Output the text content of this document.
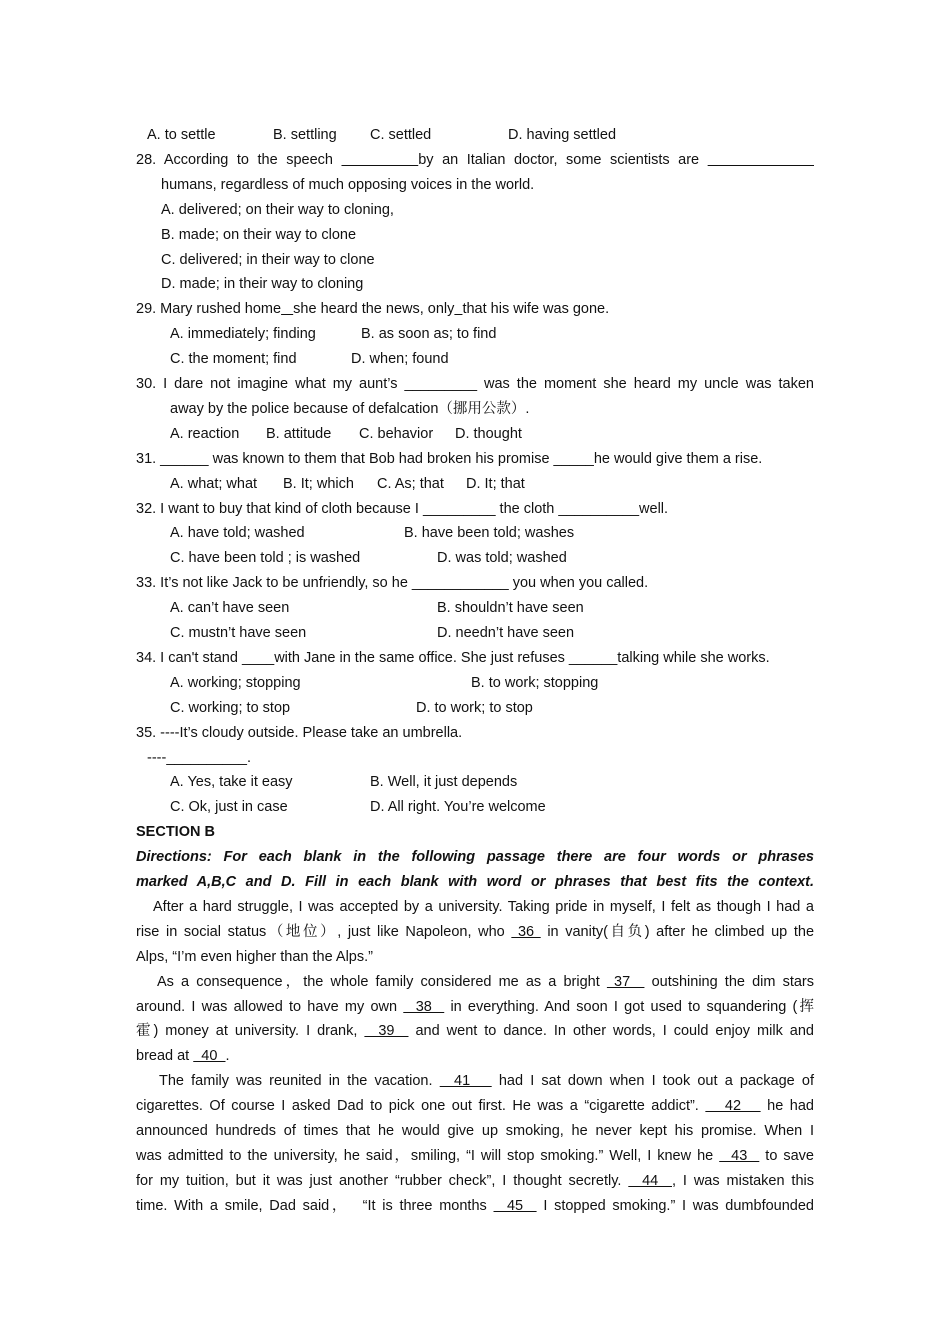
A. to settle	B. settling C. settled	D. having settled
28. According to the speech	by an Italian doctor, some scientists are
humans, regardless of much opposing voices in the world.
A. delivered; on their way to cloning,
B. made; on their way to clone
C. delivered; in their way to clone
D. made; in their way to cloning
29. Mary rushed home she heard the news, only that his wife was gone.
A. immediately; finding	B. as soon as; to find
C. the moment; find	D. when; found
30. I dare not imagine what my aunt’s _________ was the moment she heard my uncle was taken
away by the police because of defalcation（挪用公款）.
A. reaction B. attitude C. behavior D. thought
31. ______ was known to them that Bob had broken his promise _____he would give them a rise.
A. what; what B. It; which C. As; that D. It; that
32. I want to buy that kind of cloth because I _________ the cloth __________well.
A. have told; washed	B. have been told; washes
C. have been told ; is washed	D. was told; washed
33. It’s not like Jack to be unfriendly, so he ____________ you when you called.
A. can’t have seen	B. shouldn’t have seen
C. mustn’t have seen	D. needn’t have seen
34. I can't stand ____with Jane in the same office. She just refuses ______talking while she works.
A. working; stopping	B. to work; stopping
C. working; to stop	D. to work; to stop
35. ----It’s cloudy outside. Please take an umbrella.
----__________.
A. Yes, take it easy	B. Well, it just depends
C. Ok, just in case	D. All right. You’re welcome
SECTION B
Directions: For each blank in the following passage there are four words or phrases
marked A,B,C and D. Fill in each blank with word or phrases that best fits the context.
After a hard struggle, I was accepted by a university. Taking pride in myself, I felt as though I had a
rise in social status（地位）, just like Napoleon, who  36  in vanity(自负) after he climbed up the
Alps, “I’m even higher than the Alps.”
As a consequence，the whole family considered me as a bright  37   outshining the dim stars
around. I was allowed to have my own   38   in everything. And soon I got used to squandering (挥
霍) money at university. I drank,   39   and went to dance. In other words, I could enjoy milk and
bread at   40  .
The family was reunited in the vacation.   41    had I sat down when I took out a package of
cigarettes. Of course I asked Dad to pick one out first. He was a “cigarette addict”.    42    he had
announced hundreds of times that he would give up smoking, he never kept his promise. When I
was admitted to the university, he said，smiling, “I will stop smoking.” Well, I knew he   43   to save
for my tuition, but it was just another “rubber check”, I thought secretly.   44  , I was mistaken this
time. With a smile, Dad said，  “It is three months   45   I stopped smoking.” I was dumbfounded
